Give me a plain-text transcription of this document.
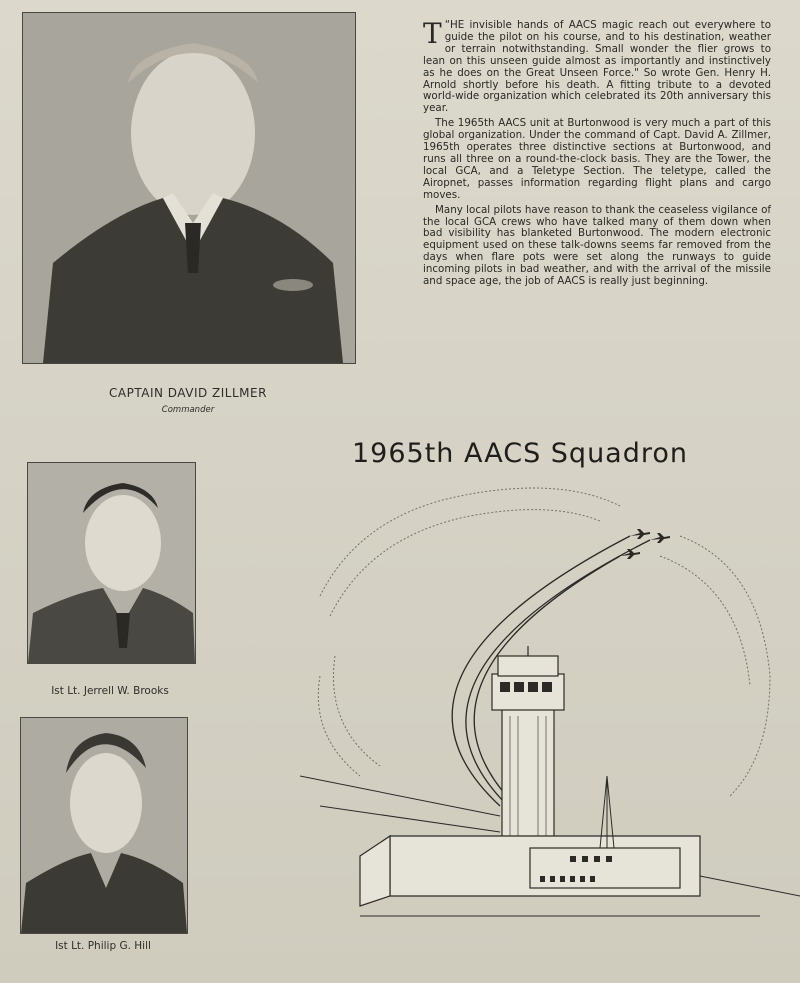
CAPTAIN DAVID ZILLMER
Commander

“
T HE invisible hands of AACS magic reach out everywhere to guide the pilot on his course, and to his destination, weather or terrain notwithstanding. Small wonder the flier grows to lean on this unseen guide almost as importantly and instinctively as he does on the Great Unseen Force." So wrote Gen. Henry H. Arnold shortly before his death. A fitting tribute to a devoted world-wide organization which celebrated its 20th anniversary this year.

The 1965th AACS unit at Burtonwood is very much a part of this global organization. Under the command of Capt. David A. Zillmer, 1965th operates three distinctive sections at Burtonwood, and runs all three on a round-the-clock basis. They are the Tower, the local GCA, and a Teletype Section. The teletype, called the Airopnet, passes information regarding flight plans and cargo moves.

Many local pilots have reason to thank the ceaseless vigilance of the local GCA crews who have talked many of them down when bad visibility has blanketed Burtonwood. The modern electronic equipment used on these talk-downs seems far removed from the days when flare pots were set along the runways to guide incoming pilots in bad weather, and with the arrival of the missile and space age, the job of AACS is really just beginning.

1965th AACS Squadron
Ist Lt. Jerrell W. Brooks
Ist Lt. Philip G. Hill
